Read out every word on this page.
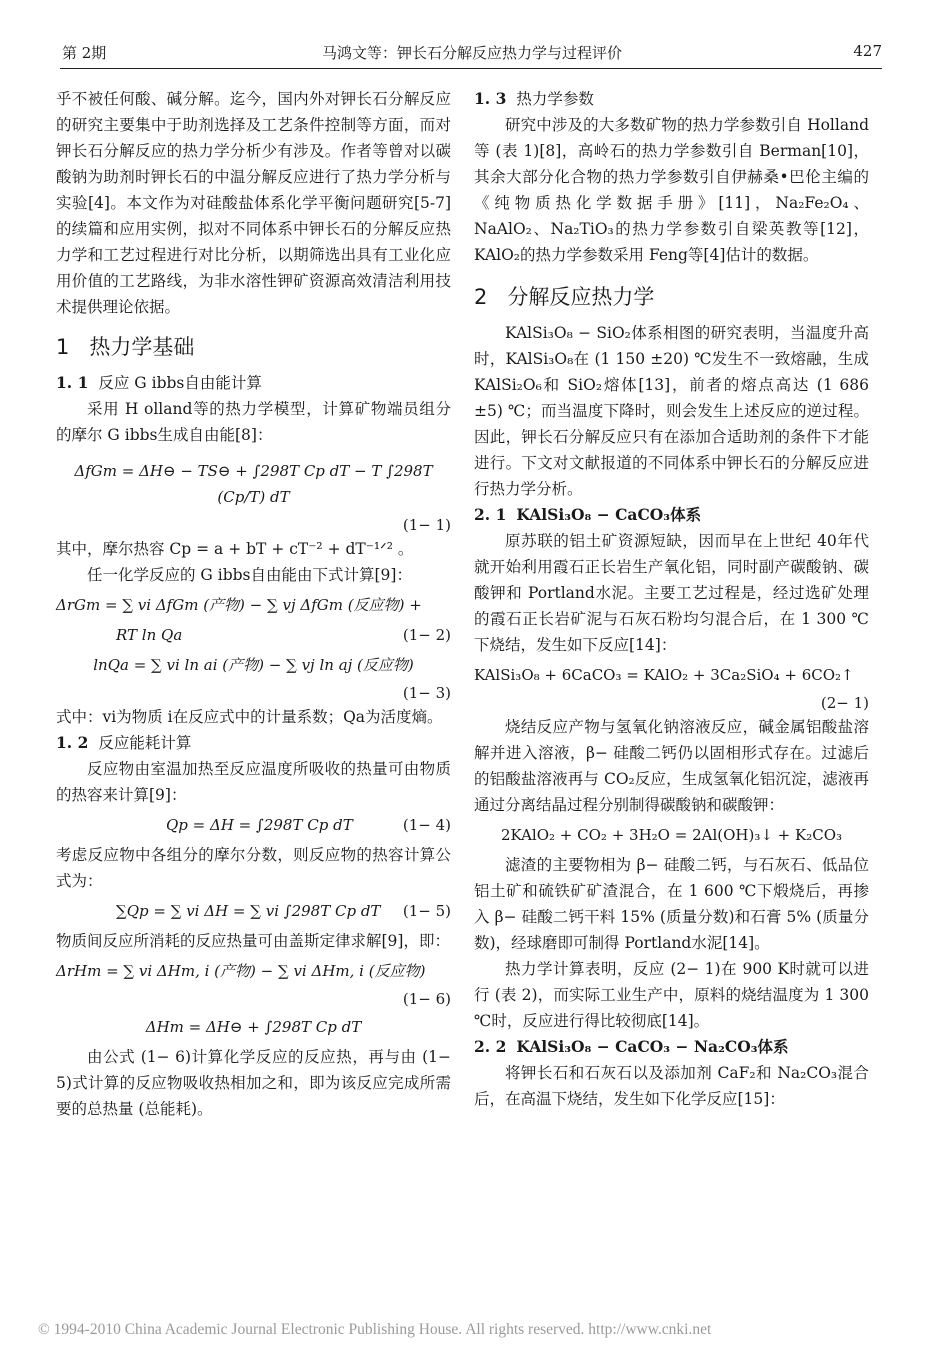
第 2期	马鸿文等：钾长石分解反应热力学与过程评价	427

乎不被任何酸、碱分解。迄今，国内外对钾长石分解反应的研究主要集中于助剂选择及工艺条件控制等方面，而对钾长石分解反应的热力学分析少有涉及。作者等曾对以碳酸钠为助剂时钾长石的中温分解反应进行了热力学分析与实验[4]。本文作为对硅酸盐体系化学平衡问题研究[5-7]的续篇和应用实例，拟对不同体系中钾长石的分解反应热力学和工艺过程进行对比分析，以期筛选出具有工业化应用价值的工艺路线，为非水溶性钾矿资源高效清洁利用技术提供理论依据。

1 热力学基础
1. 1 反应 G ibbs自由能计算

采用 H olland等的热力学模型，计算矿物端员组分的摩尔 G ibbs生成自由能[8]：

ΔfGm = ΔH⊖ − TS⊖ + ∫298T Cp dT − T ∫298T (Cp/T) dT
(1− 1)

其中，摩尔热容 Cp = a + bT + cT⁻² + dT⁻¹ᐟ² 。

任一化学反应的 G ibbs自由能由下式计算[9]：

ΔrGm = ∑ vi ΔfGm (产物) − ∑ vj ΔfGm (反应物) +
RT ln Qa	(1− 2)
lnQa = ∑ vi ln ai (产物) − ∑ vj ln aj (反应物)
(1− 3)

式中：vi为物质 i在反应式中的计量系数；Qa为活度熵。

1. 2 反应能耗计算

反应物由室温加热至反应温度所吸收的热量可由物质的热容来计算[9]：

Qp = ΔH = ∫298T Cp dT	(1− 4)

考虑反应物中各组分的摩尔分数，则反应物的热容计算公式为：

∑Qp = ∑ vi ΔH = ∑ vi ∫298T Cp dT (1− 5)

物质间反应所消耗的反应热量可由盖斯定律求解[9]，即：

ΔrHm = ∑ vi ΔHm, i (产物) − ∑ vi ΔHm, i (反应物)
(1− 6)
ΔHm = ΔH⊖ + ∫298T Cp dT

由公式 (1− 6)计算化学反应的反应热，再与由 (1− 5)式计算的反应物吸收热相加之和，即为该反应完成所需要的总热量 (总能耗)。

1. 3 热力学参数

研究中涉及的大多数矿物的热力学参数引自 Holland等 (表 1)[8]，高岭石的热力学参数引自 Berman[10]，其余大部分化合物的热力学参数引自伊赫桑•巴伦主编的《纯物质热化学数据手册》[11]，Na₂Fe₂O₄、NaAlO₂、Na₂TiO₃的热力学参数引自梁英教等[12]，KAlO₂的热力学参数采用 Feng等[4]估计的数据。

2 分解反应热力学

KAlSi₃O₈ − SiO₂体系相图的研究表明，当温度升高时，KAlSi₃O₈在 (1 150 ±20) ℃发生不一致熔融，生成 KAlSi₂O₆和 SiO₂熔体[13]，前者的熔点高达 (1 686 ±5) ℃；而当温度下降时，则会发生上述反应的逆过程。因此，钾长石分解反应只有在添加合适助剂的条件下才能进行。下文对文献报道的不同体系中钾长石的分解反应进行热力学分析。

2. 1 KAlSi₃O₈ − CaCO₃体系

原苏联的铝土矿资源短缺，因而早在上世纪 40年代就开始利用霞石正长岩生产氧化铝，同时副产碳酸钠、碳酸钾和 Portland水泥。主要工艺过程是，经过选矿处理的霞石正长岩矿泥与石灰石粉均匀混合后，在 1 300 ℃下烧结，发生如下反应[14]：

KAlSi₃O₈ + 6CaCO₃ = KAlO₂ + 3Ca₂SiO₄ + 6CO₂↑
(2− 1)

烧结反应产物与氢氧化钠溶液反应，碱金属铝酸盐溶解并进入溶液，β− 硅酸二钙仍以固相形式存在。过滤后的铝酸盐溶液再与 CO₂反应，生成氢氧化铝沉淀，滤液再通过分离结晶过程分别制得碳酸钠和碳酸钾：

2KAlO₂ + CO₂ + 3H₂O = 2Al(OH)₃↓ + K₂CO₃

滤渣的主要物相为 β− 硅酸二钙，与石灰石、低品位铝土矿和硫铁矿矿渣混合，在 1 600 ℃下煅烧后，再掺入 β− 硅酸二钙干料 15% (质量分数)和石膏 5% (质量分数)，经球磨即可制得 Portland水泥[14]。

热力学计算表明，反应 (2− 1)在 900 K时就可以进行 (表 2)，而实际工业生产中，原料的烧结温度为 1 300 ℃时，反应进行得比较彻底[14]。

2. 2 KAlSi₃O₈ − CaCO₃ − Na₂CO₃体系

将钾长石和石灰石以及添加剂 CaF₂和 Na₂CO₃混合后，在高温下烧结，发生如下化学反应[15]：

© 1994-2010 China Academic Journal Electronic Publishing House. All rights reserved. http://www.cnki.net
